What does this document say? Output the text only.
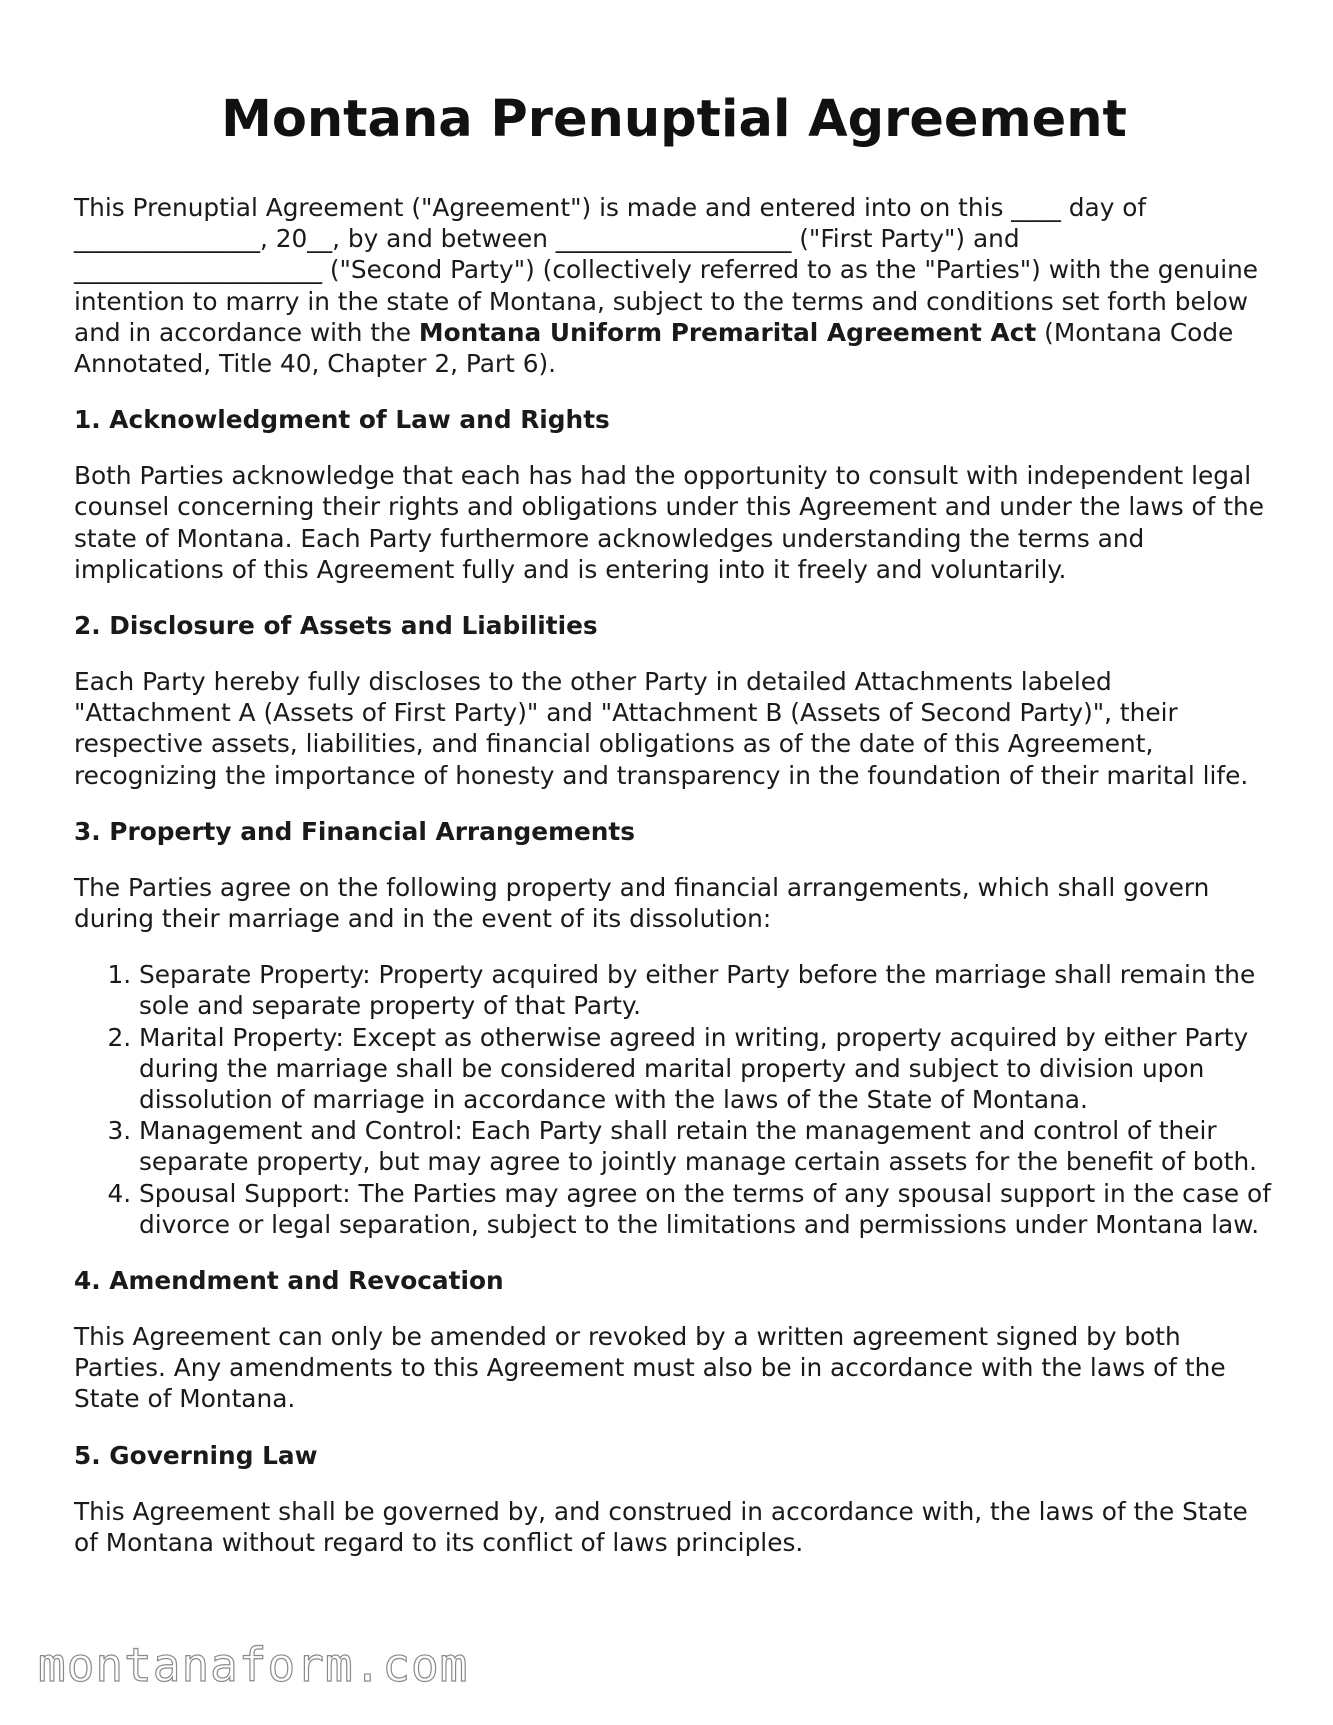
Montana Prenuptial Agreement

This Prenuptial Agreement ("Agreement") is made and entered into on this ____ day of _______________, 20__, by and between ___________________ ("First Party") and ____________________ ("Second Party") (collectively referred to as the "Parties") with the genuine intention to marry in the state of Montana, subject to the terms and conditions set forth below and in accordance with the Montana Uniform Premarital Agreement Act (Montana Code Annotated, Title 40, Chapter 2, Part 6).

1. Acknowledgment of Law and Rights

Both Parties acknowledge that each has had the opportunity to consult with independent legal counsel concerning their rights and obligations under this Agreement and under the laws of the state of Montana. Each Party furthermore acknowledges understanding the terms and implications of this Agreement fully and is entering into it freely and voluntarily.

2. Disclosure of Assets and Liabilities

Each Party hereby fully discloses to the other Party in detailed Attachments labeled "Attachment A (Assets of First Party)" and "Attachment B (Assets of Second Party)", their respective assets, liabilities, and financial obligations as of the date of this Agreement, recognizing the importance of honesty and transparency in the foundation of their marital life.

3. Property and Financial Arrangements

The Parties agree on the following property and financial arrangements, which shall govern during their marriage and in the event of its dissolution:

1. Separate Property: Property acquired by either Party before the marriage shall remain the sole and separate property of that Party.
2. Marital Property: Except as otherwise agreed in writing, property acquired by either Party during the marriage shall be considered marital property and subject to division upon dissolution of marriage in accordance with the laws of the State of Montana.
3. Management and Control: Each Party shall retain the management and control of their separate property, but may agree to jointly manage certain assets for the benefit of both.
4. Spousal Support: The Parties may agree on the terms of any spousal support in the case of divorce or legal separation, subject to the limitations and permissions under Montana law.
4. Amendment and Revocation

This Agreement can only be amended or revoked by a written agreement signed by both Parties. Any amendments to this Agreement must also be in accordance with the laws of the State of Montana.

5. Governing Law

This Agreement shall be governed by, and construed in accordance with, the laws of the State of Montana without regard to its conflict of laws principles.

montanaform.com
